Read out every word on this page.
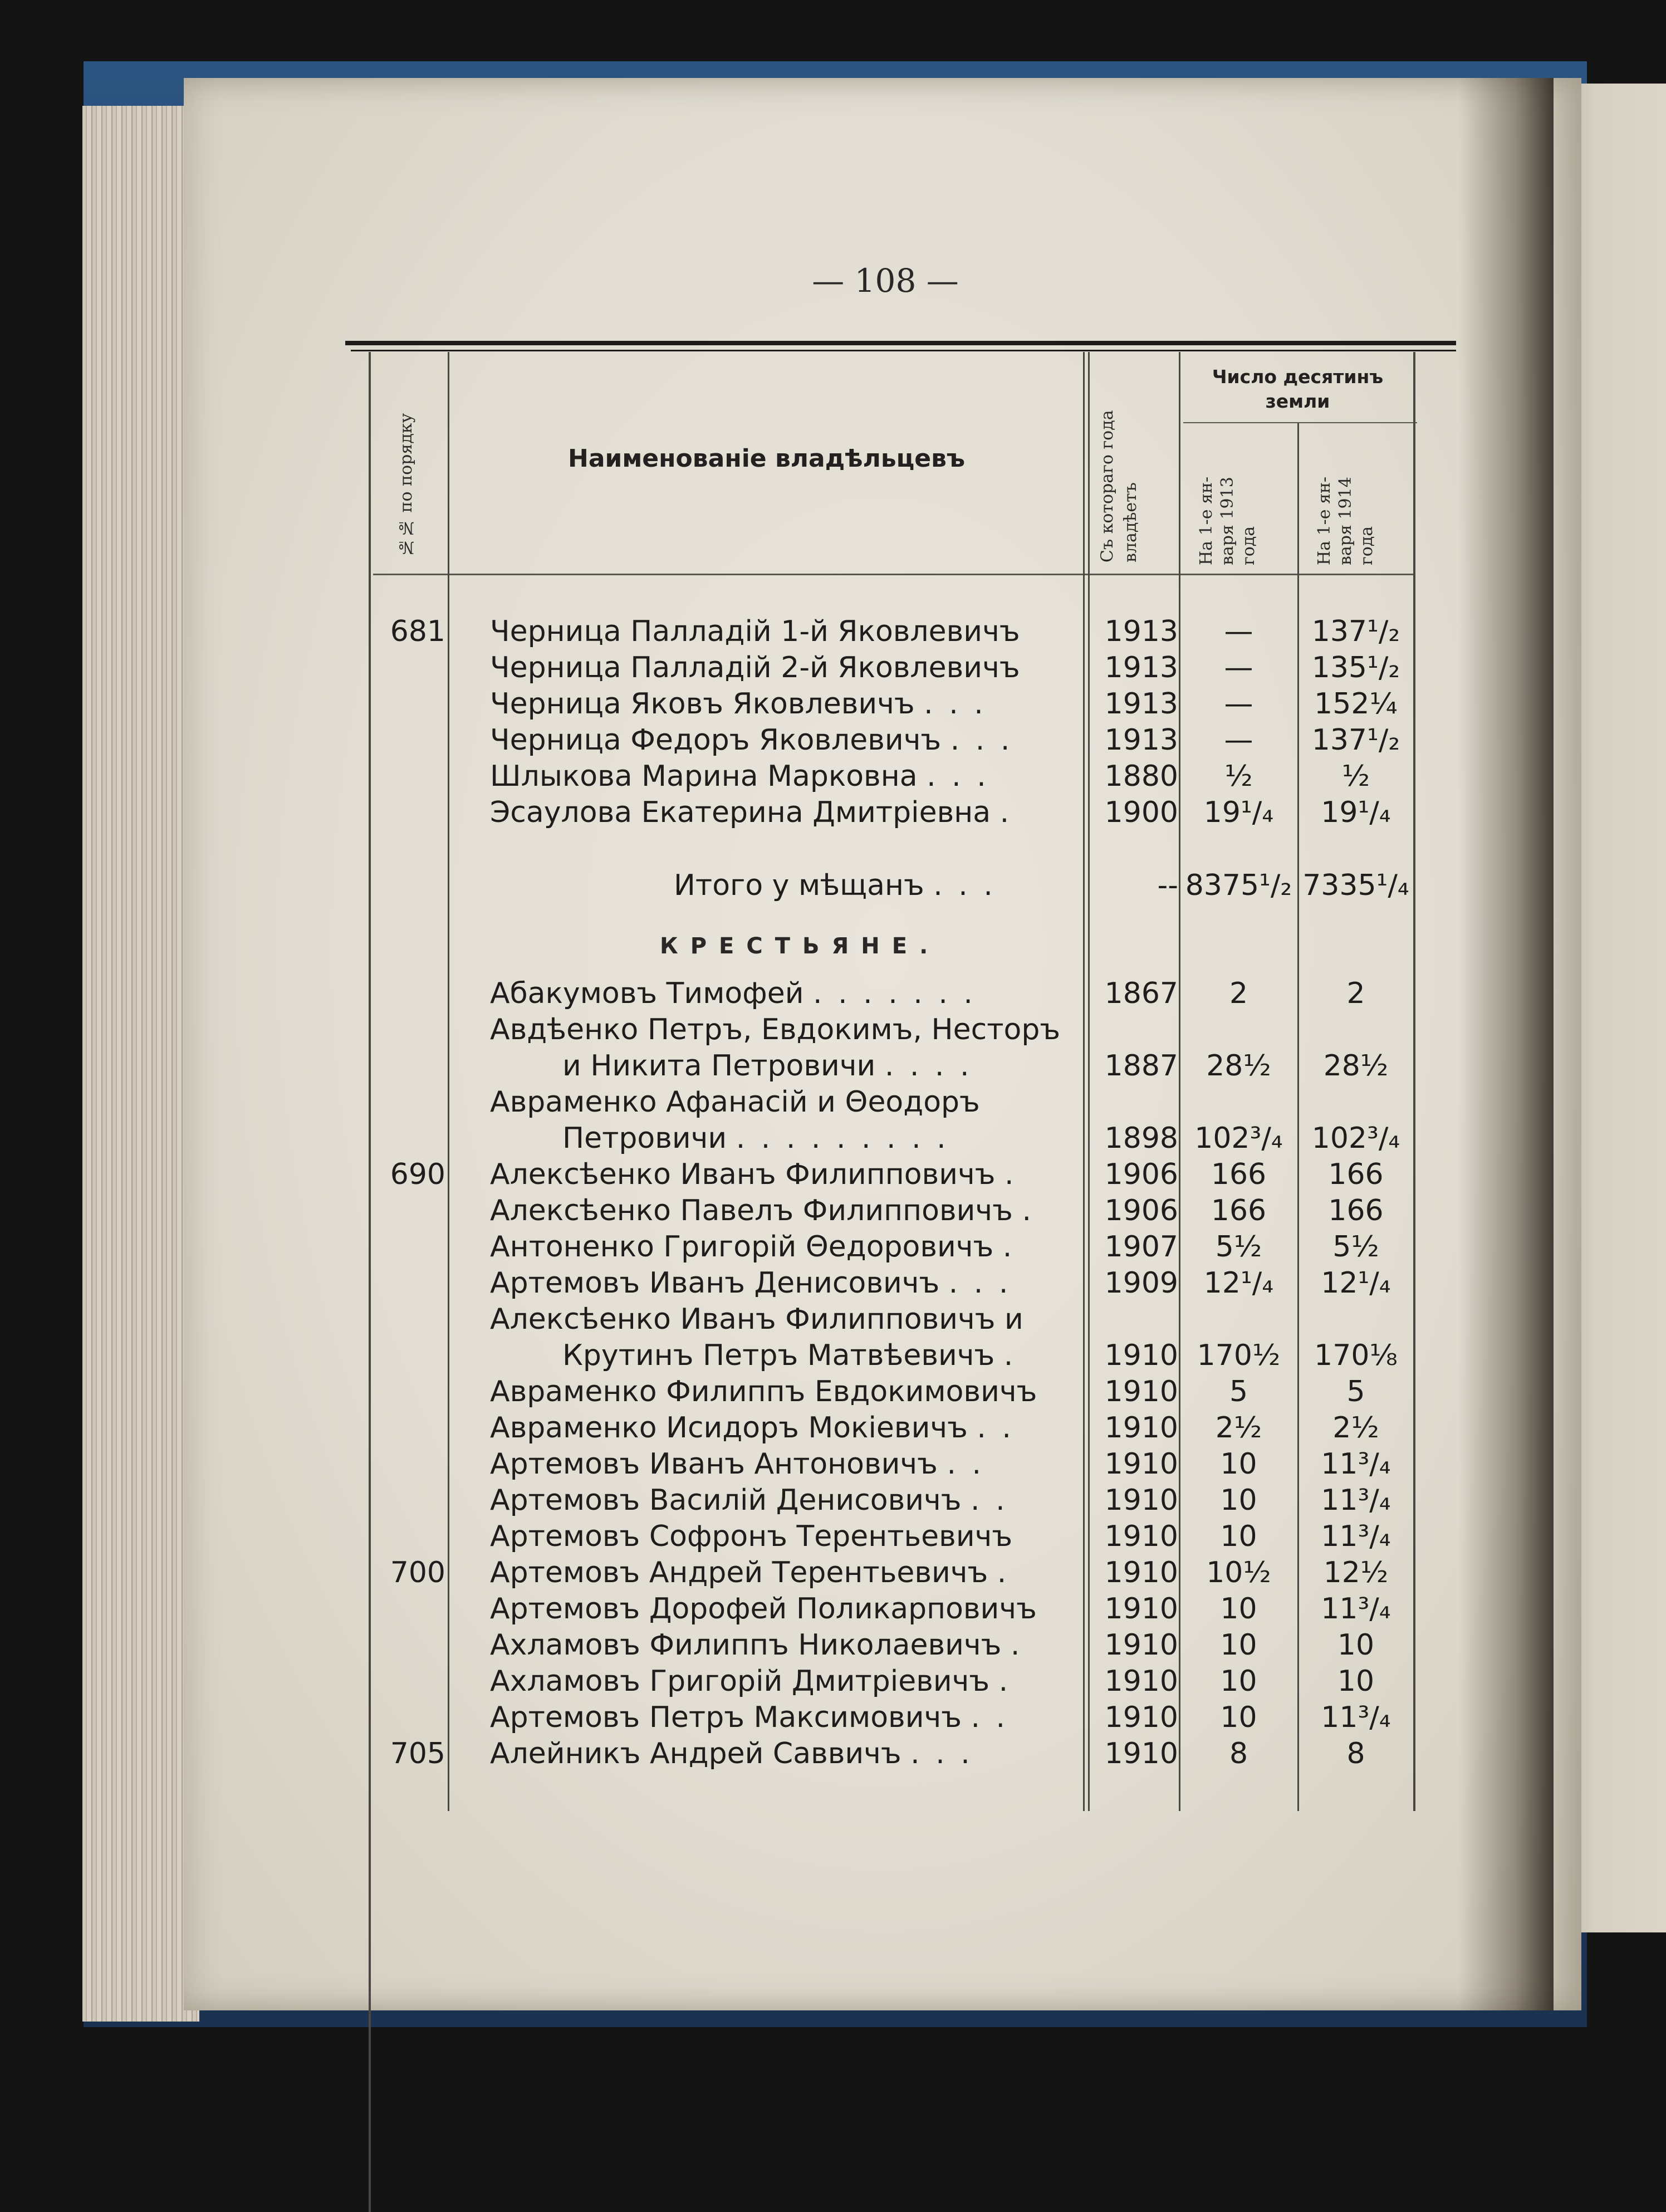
— 108 —
№№ по порядку	Наименованіе владѣльцевъ	Съ котораго года владѣетъ
Число десятинъ земли
На 1-е ян- варя 1913 года	На 1-е ян- варя 1914 года
681 Черница Палладій 1-й Яковлевичъ	1913	—	137¹/₂
Черница Палладій 2-й Яковлевичъ	1913	—	135¹/₂
Черница Яковъ Яковлевичъ . . .	1913	—	152¼
Черница Федоръ Яковлевичъ . . .	1913	—	137¹/₂
Шлыкова Марина Марковна . . .	1880	½	½
Эсаулова Екатерина Дмитріевна .	1900 19¹/₄	19¹/₄
Итого у мѣщанъ . . .	-- 8375¹/₂ 7335¹/₄
Абакумовъ Тимофей . . . . . . .	1867	2	2
Авдѣенко Петръ, Евдокимъ, Несторъ
и Никита Петровичи . . . .	1887 28½	28½
Авраменко Афанасій и Θеодоръ
Петровичи . . . . . . . . .	1898 102³/₄	102³/₄
690 Алексѣенко Иванъ Филипповичъ .	1906	166	166
Алексѣенко Павелъ Филипповичъ .	1906	166	166
Антоненко Григорій Θедоровичъ .	1907	5½	5½
Артемовъ Иванъ Денисовичъ . . .	1909 12¹/₄	12¹/₄
Алексѣенко Иванъ Филипповичъ и
Крутинъ Петръ Матвѣевичъ .	1910 170½	170⅛
Авраменко Филиппъ Евдокимовичъ	1910	5	5
Авраменко Исидоръ Мокіевичъ . .	1910	2½	2½
Артемовъ Иванъ Антоновичъ . .	1910	10	11³/₄
Артемовъ Василій Денисовичъ . .	1910	10	11³/₄
Артемовъ Софронъ Терентьевичъ	1910	10	11³/₄
700 Артемовъ Андрей Терентьевичъ .	1910 10½	12½
Артемовъ Дорофей Поликарповичъ	1910	10	11³/₄
Ахламовъ Филиппъ Николаевичъ .	1910	10	10
Ахламовъ Григорій Дмитріевичъ .	1910	10	10
Артемовъ Петръ Максимовичъ . .	1910	10	11³/₄
705 Алейникъ Андрей Саввичъ . . .	1910	8	8
КРЕСТЬЯНЕ.
